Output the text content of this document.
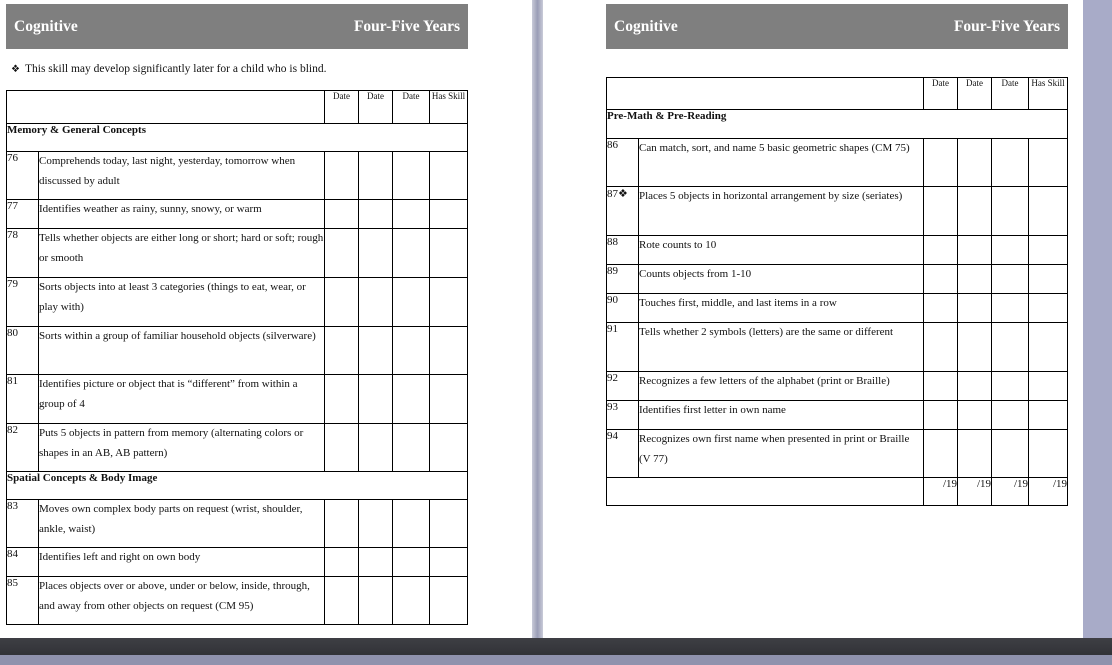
Cognitive	Four-Five Years
❖ This skill may develop significantly later for a child who is blind.
		Date	Date	Date	Has Skill
Memory & General Concepts					
76	Comprehends today, last night, yesterday, tomorrow when discussed by adult				
77	Identifies weather as rainy, sunny, snowy, or warm				
78	Tells whether objects are either long or short; hard or soft; rough or smooth				
79	Sorts objects into at least 3 categories (things to eat, wear, or play with)				
80	Sorts within a group of familiar household objects (silverware)				
81	Identifies picture or object that is “different” from within a group of 4				
82	Puts 5 objects in pattern from memory (alternating colors or shapes in an AB, AB pattern)				
Spatial Concepts & Body Image					
83	Moves own complex body parts on request (wrist, shoulder, ankle, waist)				
84	Identifies left and right on own body				
85	Places objects over or above, under or below, inside, through, and away from other objects on request (CM 95)				
Cognitive	Four-Five Years
		Date	Date	Date	Has Skill
Pre-Math & Pre-Reading					
86	Can match, sort, and name 5 basic geometric shapes (CM 75)				
87❖	Places 5 objects in horizontal arrangement by size (seriates)				
88	Rote counts to 10				
89	Counts objects from 1-10				
90	Touches first, middle, and last items in a row				
91	Tells whether 2 symbols (letters) are the same or different				
92	Recognizes a few letters of the alphabet (print or Braille)				
93	Identifies first letter in own name				
94	Recognizes own first name when presented in print or Braille (V 77)				
		/19	/19	/19	/19
